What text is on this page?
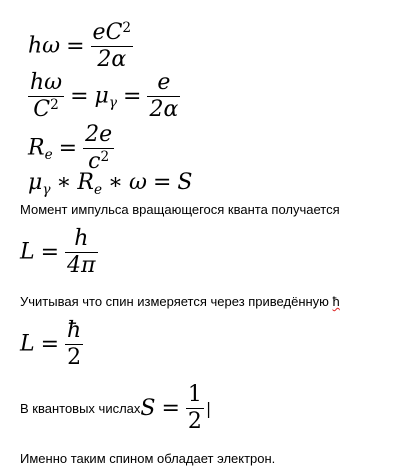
$h\omega = \frac{eC^2}{2\alpha}$
$\frac{h\omega}{C^2} = \mu_\gamma = \frac{e}{2\alpha}$
$R_e = \frac{2e}{c^2}$
$\mu_\gamma$ ∗ $R_e$ ∗ ω = S
Момент импульса вращающегося кванта получается
$L = \frac{h}{4\pi}$
Учитывая что спин измеряется через приведённую ħ
$L = \frac{ħ}{2}$
В квантовых числах $S = \frac{1}{2}$ |
Именно таким спином обладает электрон.
